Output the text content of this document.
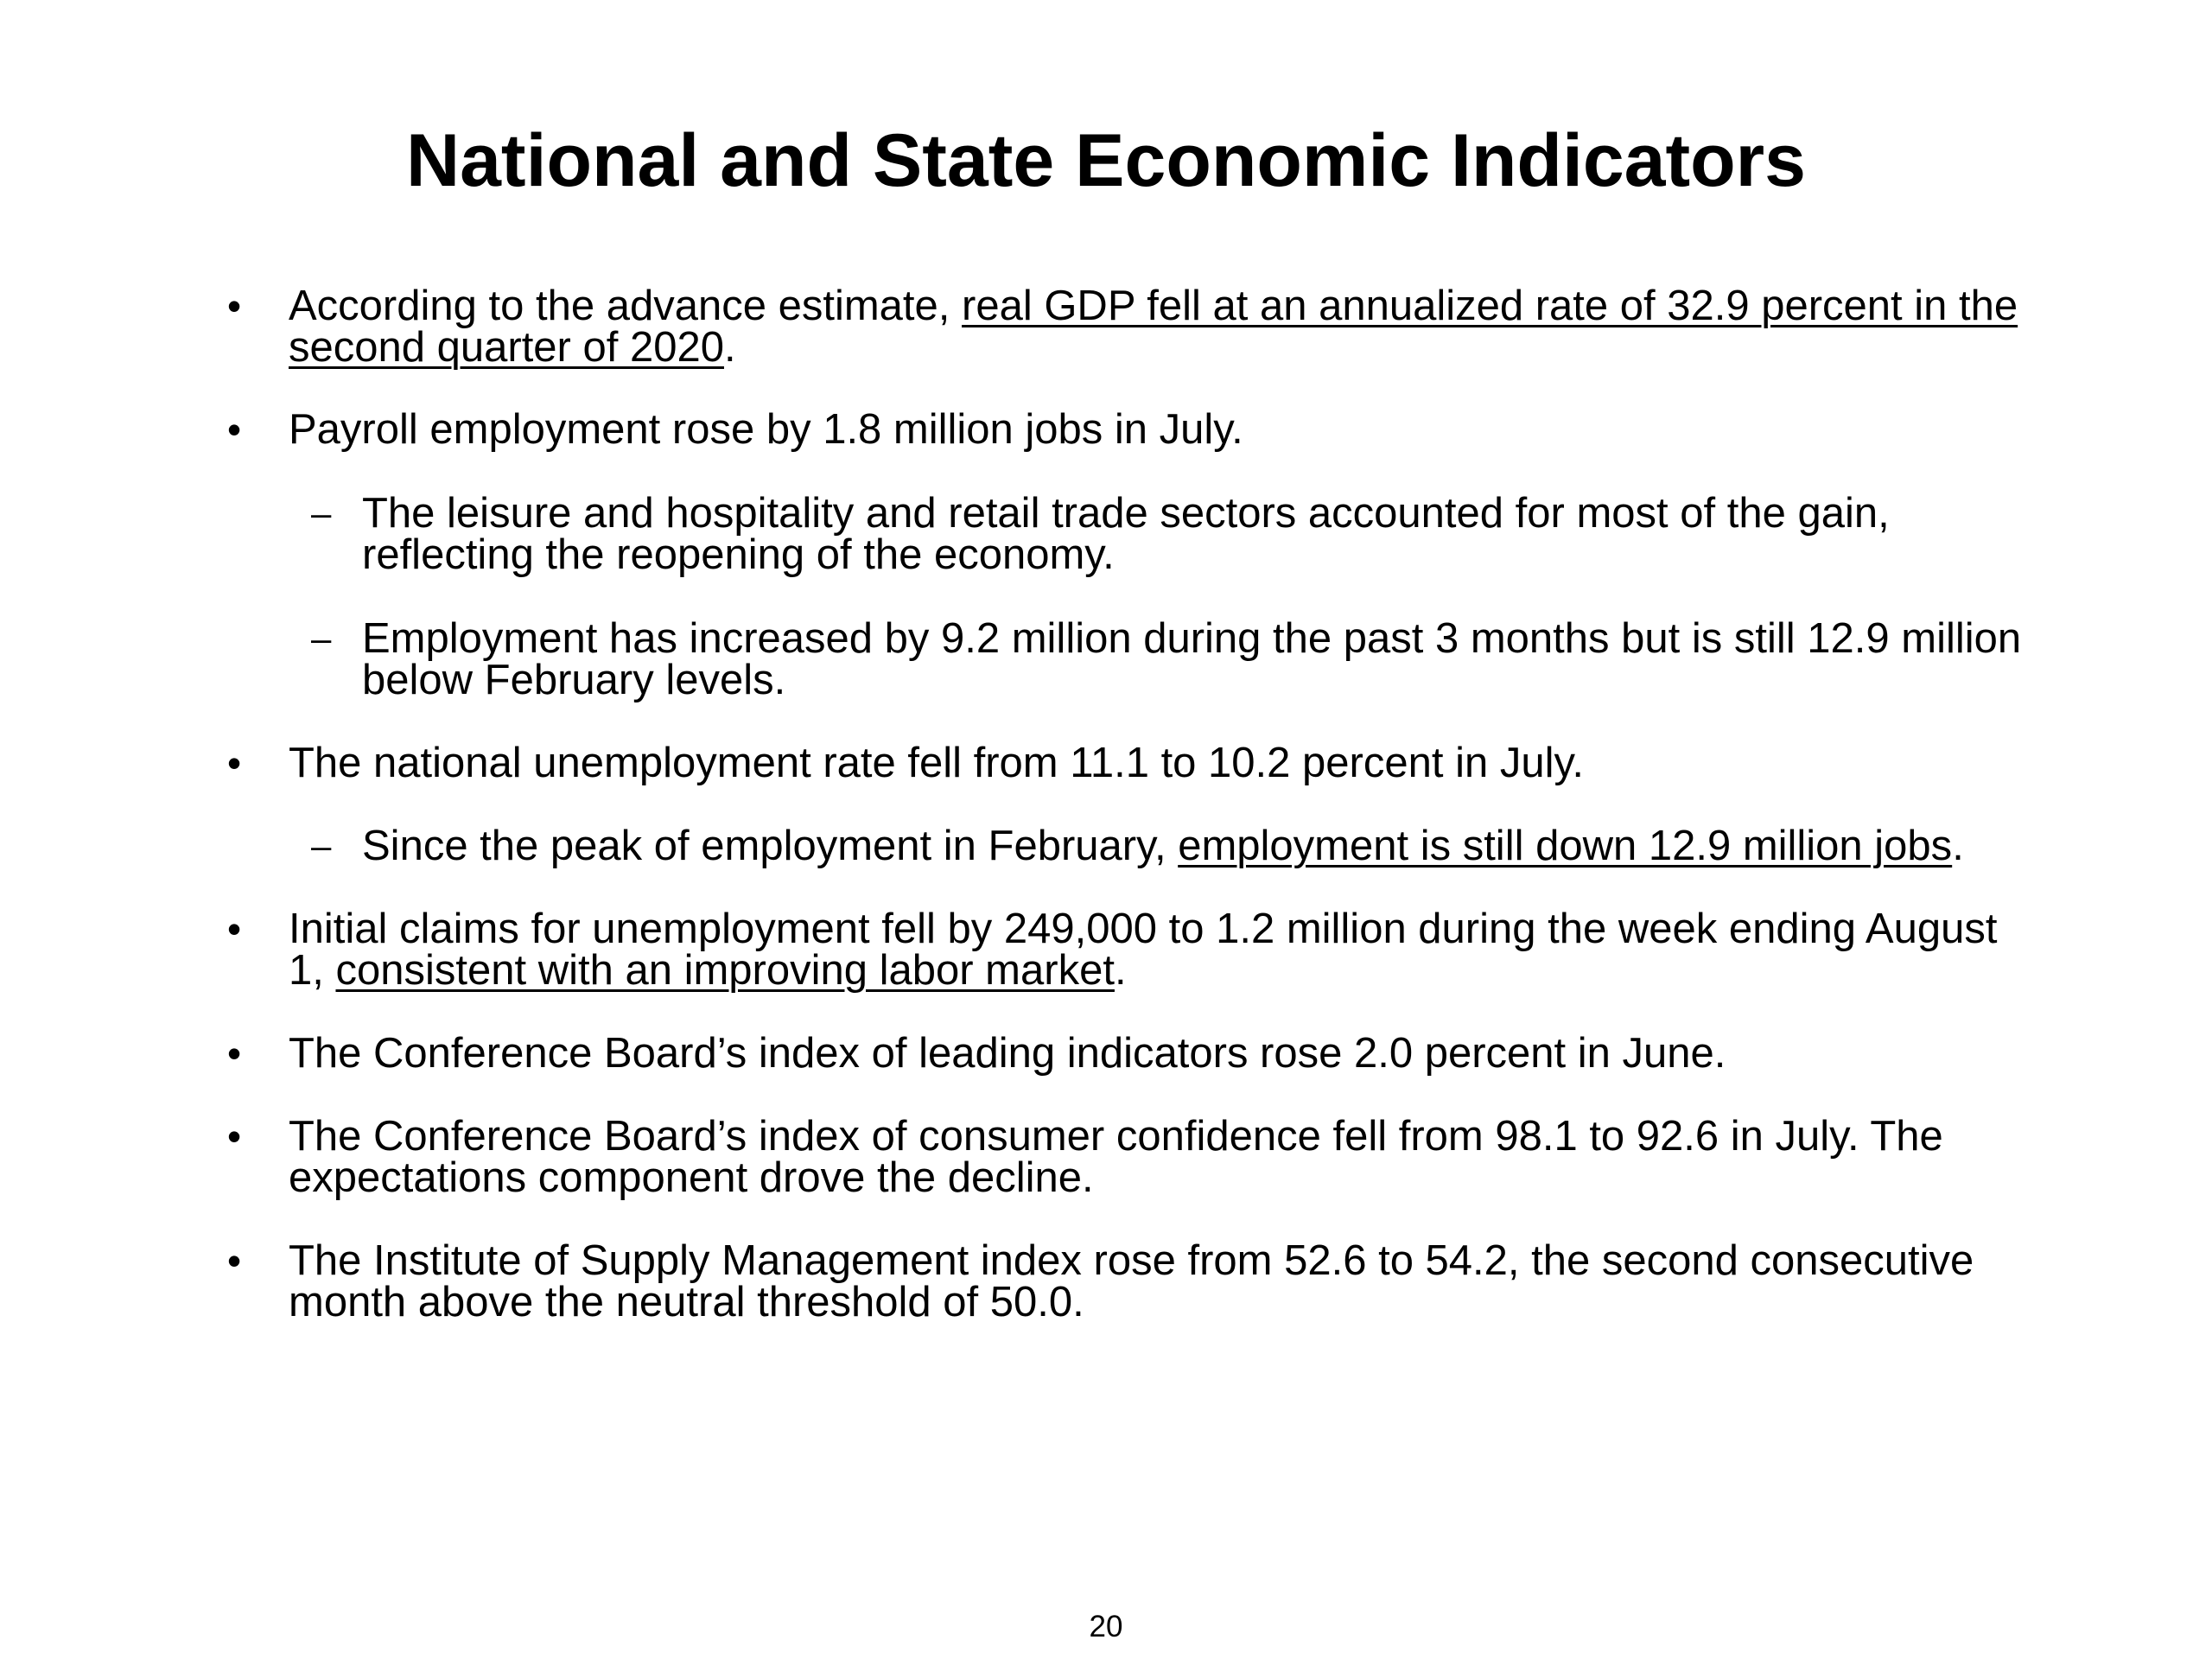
National and State Economic Indicators
• According to the advance estimate, real GDP fell at an annualized rate of 32.9 percent in the
second quarter of 2020.
• Payroll employment rose by 1.8 million jobs in July.
– The leisure and hospitality and retail trade sectors accounted for most of the gain,
reflecting the reopening of the economy.
– Employment has increased by 9.2 million during the past 3 months but is still 12.9 million
below February levels.
• The national unemployment rate fell from 11.1 to 10.2 percent in July.
– Since the peak of employment in February, employment is still down 12.9 million jobs.
• Initial claims for unemployment fell by 249,000 to 1.2 million during the week ending August
1, consistent with an improving labor market.
• The Conference Board’s index of leading indicators rose 2.0 percent in June.
• The Conference Board’s index of consumer confidence fell from 98.1 to 92.6 in July. The
expectations component drove the decline.
• The Institute of Supply Management index rose from 52.6 to 54.2, the second consecutive
month above the neutral threshold of 50.0.
20
